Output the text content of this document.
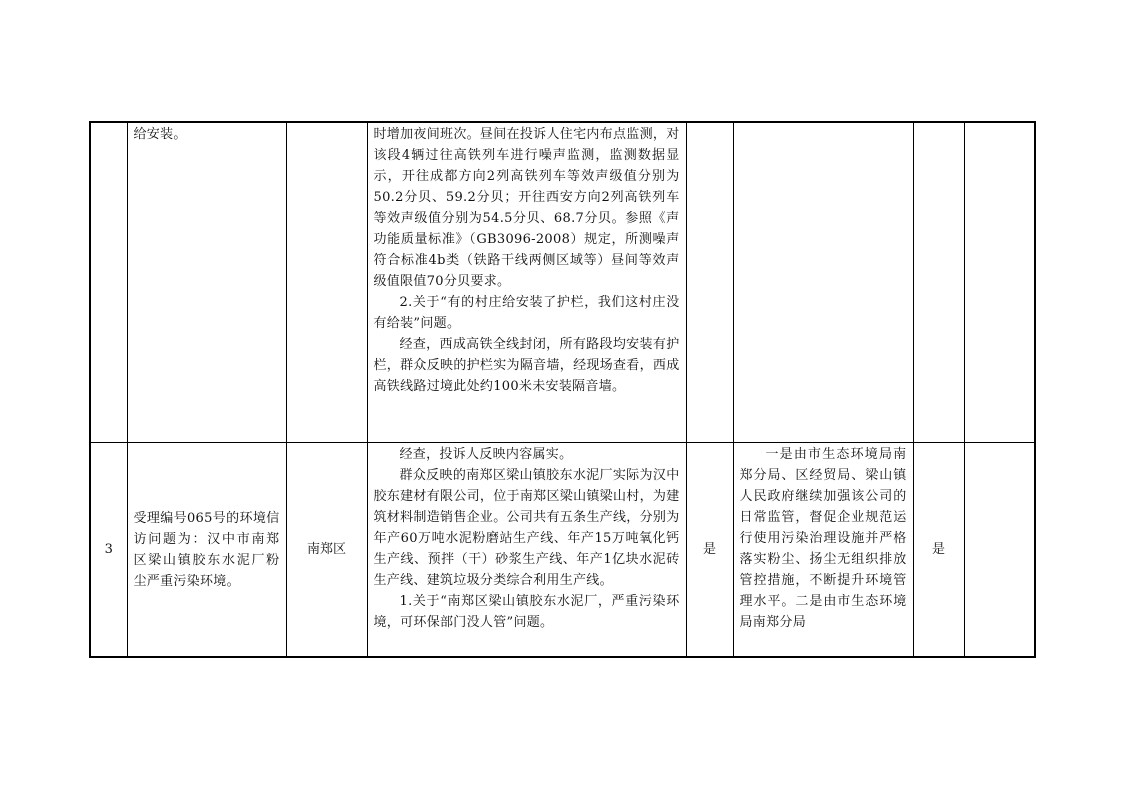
	给安装。		时增加夜间班次。昼间在投诉人住宅内布点监测，对该段4辆过往高铁列车进行噪声监测，监测数据显示，开往成都方向2列高铁列车等效声级值分别为50.2分贝、59.2分贝；开往西安方向2列高铁列车等效声级值分别为54.5分贝、68.7分贝。参照《声功能质量标准》（GB3096-2008）规定，所测噪声符合标准4b类（铁路干线两侧区域等）昼间等效声级值限值70分贝要求。

2.关于“有的村庄给安装了护栏，我们这村庄没有给装”问题。

经查，西成高铁全线封闭，所有路段均安装有护栏，群众反映的护栏实为隔音墙，经现场查看，西成高铁线路过境此处约100米未安装隔音墙。				

3	受理编号065号的环境信访问题为：汉中市南郑区梁山镇胶东水泥厂粉尘严重污染环境。	南郑区	经查，投诉人反映内容属实。

群众反映的南郑区梁山镇胶东水泥厂实际为汉中胶东建材有限公司，位于南郑区梁山镇梁山村，为建筑材料制造销售企业。公司共有五条生产线，分别为年产60万吨水泥粉磨站生产线、年产15万吨氧化钙生产线、预拌（干）砂浆生产线、年产1亿块水泥砖生产线、建筑垃圾分类综合利用生产线。

1.关于“南郑区梁山镇胶东水泥厂，严重污染环境，可环保部门没人管”问题。	是	一是由市生态环境局南郑分局、区经贸局、梁山镇人民政府继续加强该公司的日常监管，督促企业规范运行使用污染治理设施并严格落实粉尘、扬尘无组织排放管控措施，不断提升环境管理水平。二是由市生态环境局南郑分局	是	
